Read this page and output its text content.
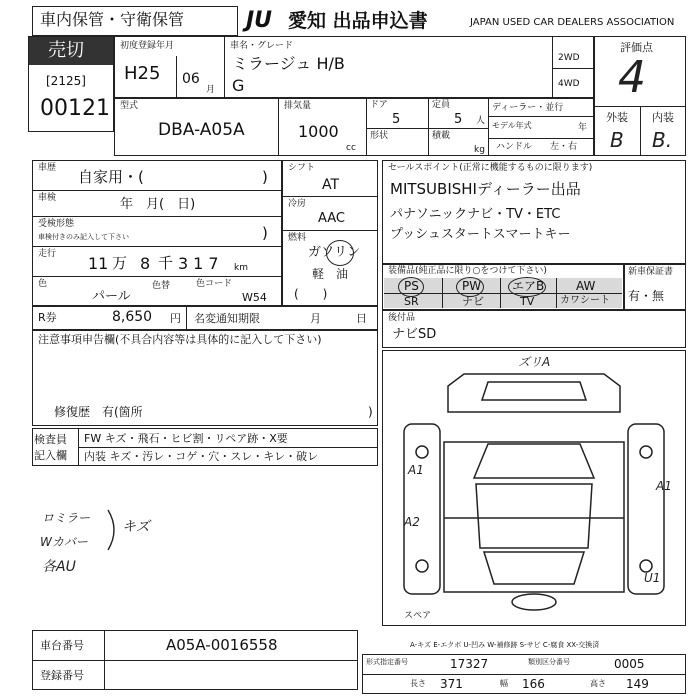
車内保管・守衛保管	JU 愛知 出品申込書	JAPAN USED CAR DEALERS ASSOCIATION
売切
[2125]
00121
初度登録年月
H25 06
月
車名・グレード
ミラージュ H/B
G
2WD
4WD
評価点
4
外装 内装
B B.
型式
DBA-A05A
排気量
1000
cc
ドア
5
定員
5 人
形状	積載
kg
ディーラー・並行
モデル年式	年
ハンドル 左・右
車歴 自家用・(	)
車検	年　月(　日)
受検形態
車検付きのみ記入して下さい	)
走行 11 万 8 千 317 km
色
パール
色替	色コード
W54
シフト
AT
冷房
AAC
燃料
ガソリン
軽　油
(　　)
セールスポイント(正常に機能するものに限ります)
MITSUBISHIディーラー出品
パナソニックナビ・TV・ETC
プッシュスタートスマートキー
装備品(純正品に限り○をつけて下さい)
PS	PW	エアB	AW
SR	ナビ	TV	カワシート
新車保証書
有・無
R券	8,650 円 名変通知期限	月	日 後付品
ナビSD
注意事項申告欄(不具合内容等は具体的に記入して下さい)
修復歴　有(箇所	)
検査員
記入欄
FW キズ・飛石・ヒビ割・リペア跡・X要
内装 キズ・汚レ・コゲ・穴・スレ・キレ・破レ
ロミラー
Wカバー
キズ
各AU
ズリA
A1
A2
A1
U1
スペア
A-キズ E-エクボ U-凹み W-補修跡 S-サビ C-腐食 XX-交換済
車台番号	A05A-0016558
登録番号
形式指定番号	17327	類別区分番号	0005
長さ 371	幅 166	高さ 149
